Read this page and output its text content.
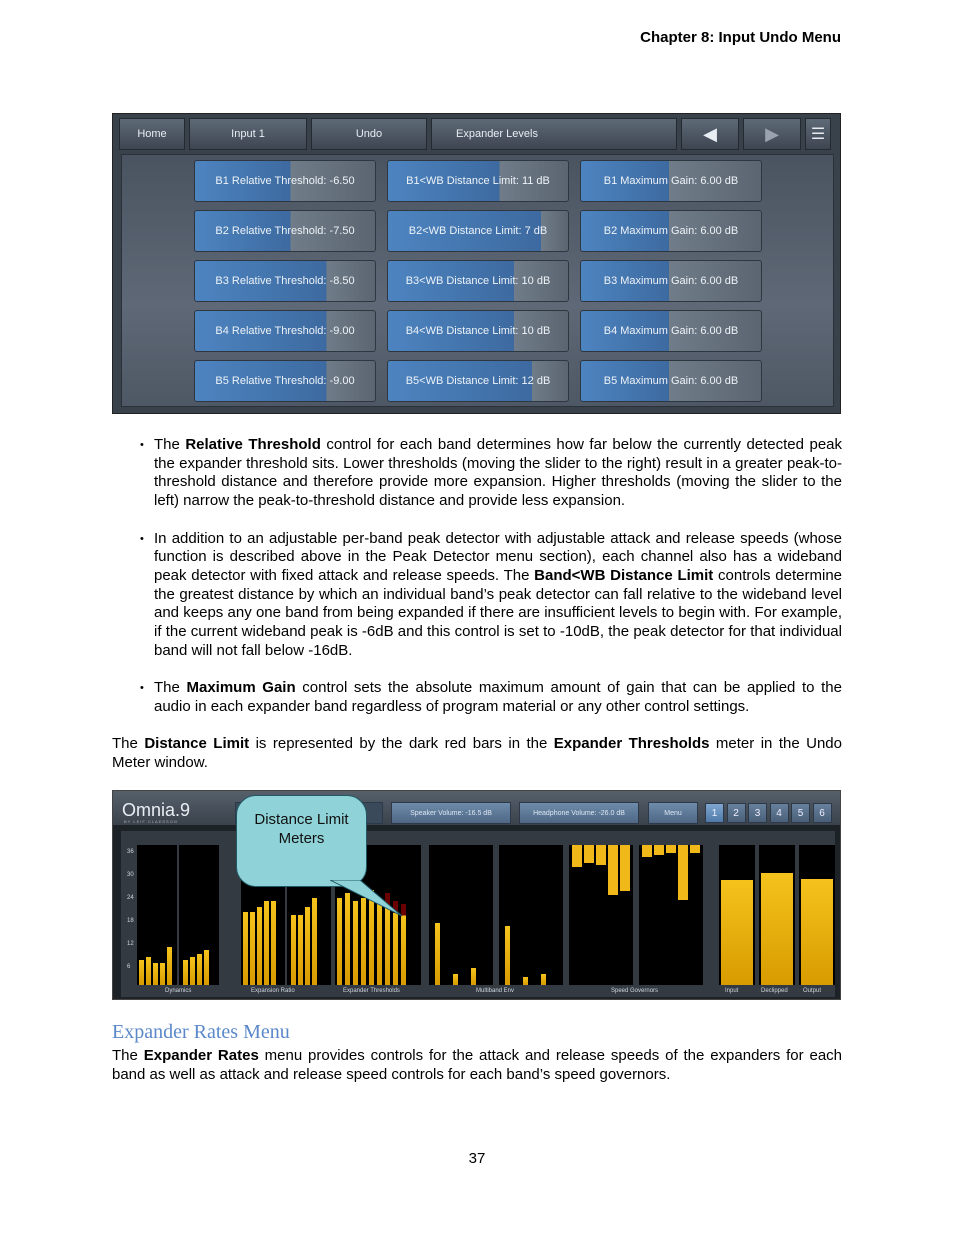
Chapter 8: Input Undo Menu
Home	Input 1	Undo	Expander Levels	◀	▶	☰
B1 Relative Threshold: -6.50	B1<WB Distance Limit: 11 dB	B1 Maximum Gain: 6.00 dB
B2 Relative Threshold: -7.50	B2<WB Distance Limit: 7 dB	B2 Maximum Gain: 6.00 dB
B3 Relative Threshold: -8.50	B3<WB Distance Limit: 10 dB	B3 Maximum Gain: 6.00 dB
B4 Relative Threshold: -9.00	B4<WB Distance Limit: 10 dB	B4 Maximum Gain: 6.00 dB
B5 Relative Threshold: -9.00	B5<WB Distance Limit: 12 dB	B5 Maximum Gain: 6.00 dB
• The Relative Threshold control for each band determines how far below the currently detected peak the expander threshold sits. Lower thresholds (moving the slider to the right) result in a greater peak-to-threshold distance and therefore provide more expansion. Higher thresholds (moving the slider to the left) narrow the peak-to-threshold distance and provide less expansion.
• In addition to an adjustable per-band peak detector with adjustable attack and release speeds (whose function is described above in the Peak Detector menu section), each channel also has a wideband peak detector with fixed attack and release speeds. The Band<WB Distance Limit controls determine the greatest distance by which an individual band’s peak detector can fall relative to the wideband level and keeps any one band from being expanded if there are insufficient levels to begin with. For example, if the current wideband peak is -6dB and this control is set to -10dB, the peak detector for that individual band will not fall below -16dB.
• The Maximum Gain control sets the absolute maximum amount of gain that can be applied to the audio in each expander band regardless of program material or any other control settings.
The Distance Limit is represented by the dark red bars in the Expander Thresholds meter in the Undo Meter window.
Omnia.9
BY LEIF CLAESSON
Speaker Volume: -16.5 dB	Headphone Volume: -26.0 dB	Menu	1	2	3	4	5	6
Dynamics	Expansion Ratio	Expander Thresholds	Multiband Env	Speed Governors	Input	Declipped	Output
36
30
24
18
12
6
Distance Limit Meters
Expander Rates Menu
The Expander Rates menu provides controls for the attack and release speeds of the expanders for each band as well as attack and release speed controls for each band’s speed governors.
37
